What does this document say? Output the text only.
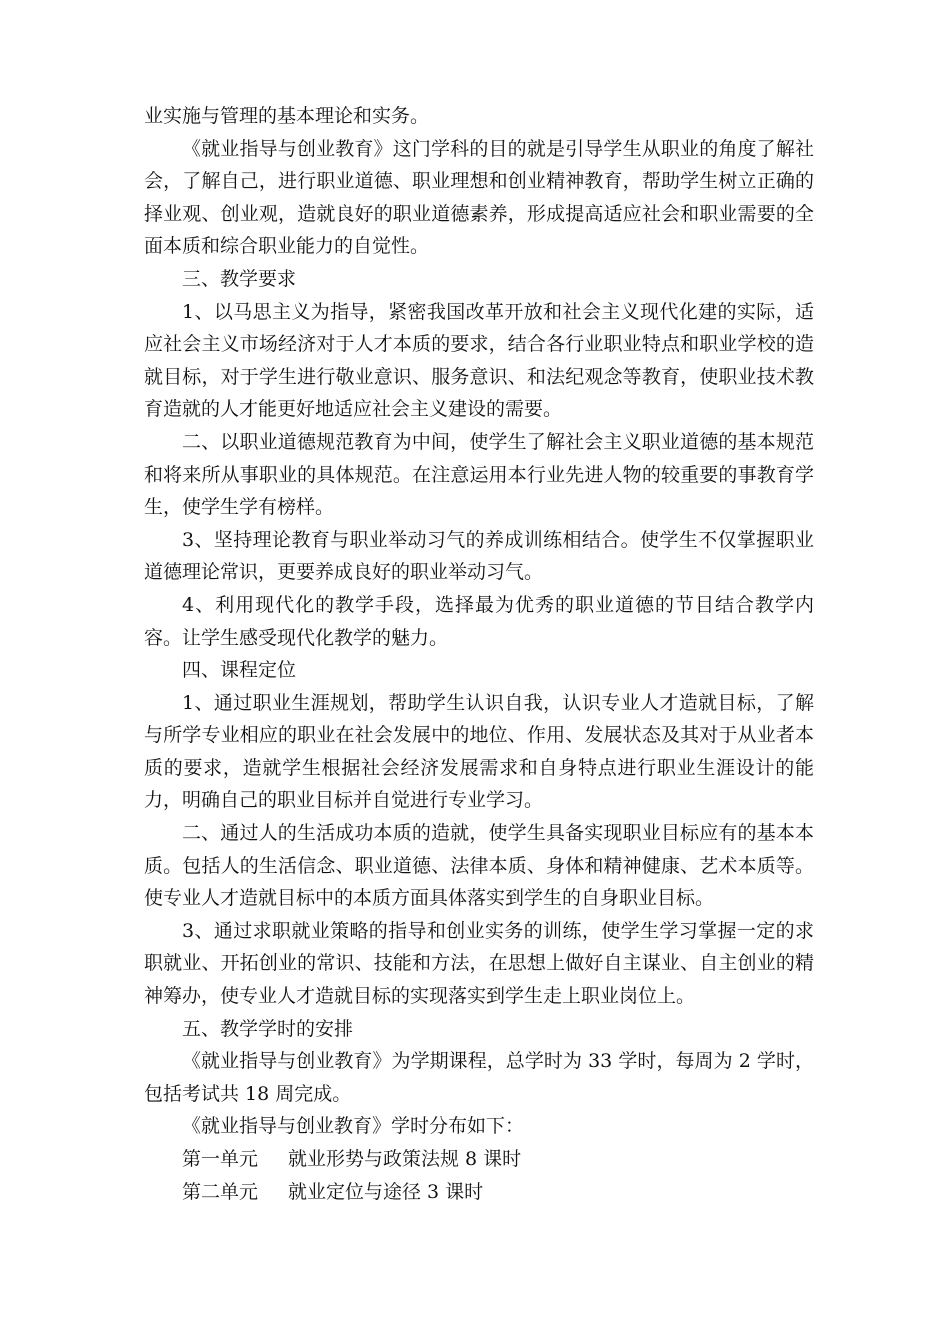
业实施与管理的基本理论和实务。

《就业指导与创业教育》这门学科的目的就是引导学生从职业的角度了解社会，了解自己，进行职业道德、职业理想和创业精神教育，帮助学生树立正确的择业观、创业观，造就良好的职业道德素养，形成提高适应社会和职业需要的全面本质和综合职业能力的自觉性。

三、教学要求

1、以马思主义为指导，紧密我国改革开放和社会主义现代化建的实际，适应社会主义市场经济对于人才本质的要求，结合各行业职业特点和职业学校的造就目标，对于学生进行敬业意识、服务意识、和法纪观念等教育，使职业技术教育造就的人才能更好地适应社会主义建设的需要。

二、以职业道德规范教育为中间，使学生了解社会主义职业道德的基本规范和将来所从事职业的具体规范。在注意运用本行业先进人物的较重要的事教育学生，使学生学有榜样。

3、坚持理论教育与职业举动习气的养成训练相结合。使学生不仅掌握职业道德理论常识，更要养成良好的职业举动习气。

4、利用现代化的教学手段，选择最为优秀的职业道德的节目结合教学内容。让学生感受现代化教学的魅力。

四、课程定位

1、通过职业生涯规划，帮助学生认识自我，认识专业人才造就目标，了解与所学专业相应的职业在社会发展中的地位、作用、发展状态及其对于从业者本质的要求，造就学生根据社会经济发展需求和自身特点进行职业生涯设计的能力，明确自己的职业目标并自觉进行专业学习。

二、通过人的生活成功本质的造就，使学生具备实现职业目标应有的基本本质。包括人的生活信念、职业道德、法律本质、身体和精神健康、艺术本质等。使专业人才造就目标中的本质方面具体落实到学生的自身职业目标。

3、通过求职就业策略的指导和创业实务的训练，使学生学习掌握一定的求职就业、开拓创业的常识、技能和方法，在思想上做好自主谋业、自主创业的精神筹办，使专业人才造就目标的实现落实到学生走上职业岗位上。

五、教学学时的安排

《就业指导与创业教育》为学期课程，总学时为 33 学时，每周为 2 学时，包括考试共 18 周完成。

《就业指导与创业教育》学时分布如下：

第一单元 就业形势与政策法规 8 课时

第二单元 就业定位与途径 3 课时
